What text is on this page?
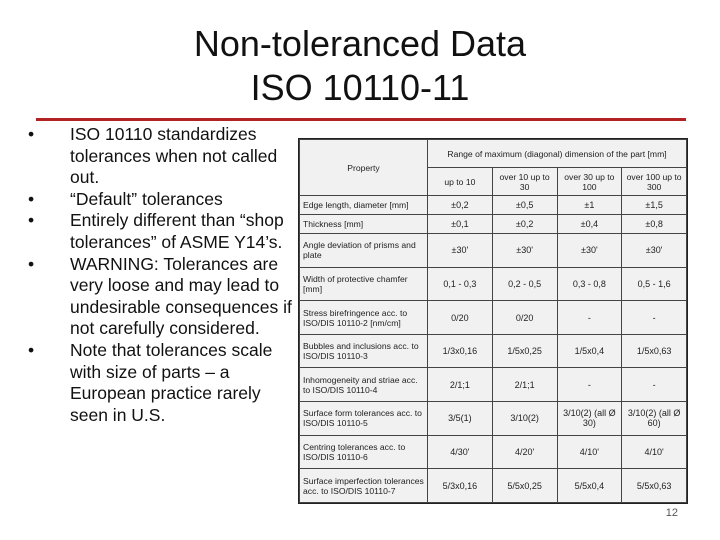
Non-toleranced Data
ISO 10110-11
•	ISO 10110 standardizes tolerances when not called out.
•	“Default” tolerances
•	Entirely different than “shop tolerances” of ASME Y14’s.
•	WARNING: Tolerances are very loose and may lead to undesirable consequences if not carefully considered.
•	Note that tolerances scale with size of parts – a European practice rarely seen in U.S.
Property	Range of maximum (diagonal) dimension of the part [mm]			
	up to 10	over 10 up to 30	over 30 up to 100	over 100 up to 300
Edge length, diameter [mm]	±0,2	±0,5	±1	±1,5
Thickness [mm]	±0,1	±0,2	±0,4	±0,8
Angle deviation of prisms and plate	±30'	±30'	±30'	±30'
Width of protective chamfer [mm]	0,1 - 0,3	0,2 - 0,5	0,3 - 0,8	0,5 - 1,6
Stress birefringence acc. to ISO/DIS 10110-2 [nm/cm]	0/20	0/20	-	-
Bubbles and inclusions acc. to ISO/DIS 10110-3	1/3x0,16	1/5x0,25	1/5x0,4	1/5x0,63
Inhomogeneity and striae acc. to ISO/DIS 10110-4	2/1;1	2/1;1	-	-
Surface form tolerances acc. to ISO/DIS 10110-5	3/5(1)	3/10(2)	3/10(2) (all Ø 30)	3/10(2) (all Ø 60)
Centring tolerances acc. to ISO/DIS 10110-6	4/30'	4/20'	4/10'	4/10'
Surface imperfection tolerances acc. to ISO/DIS 10110-7	5/3x0,16	5/5x0,25	5/5x0,4	5/5x0,63
12
